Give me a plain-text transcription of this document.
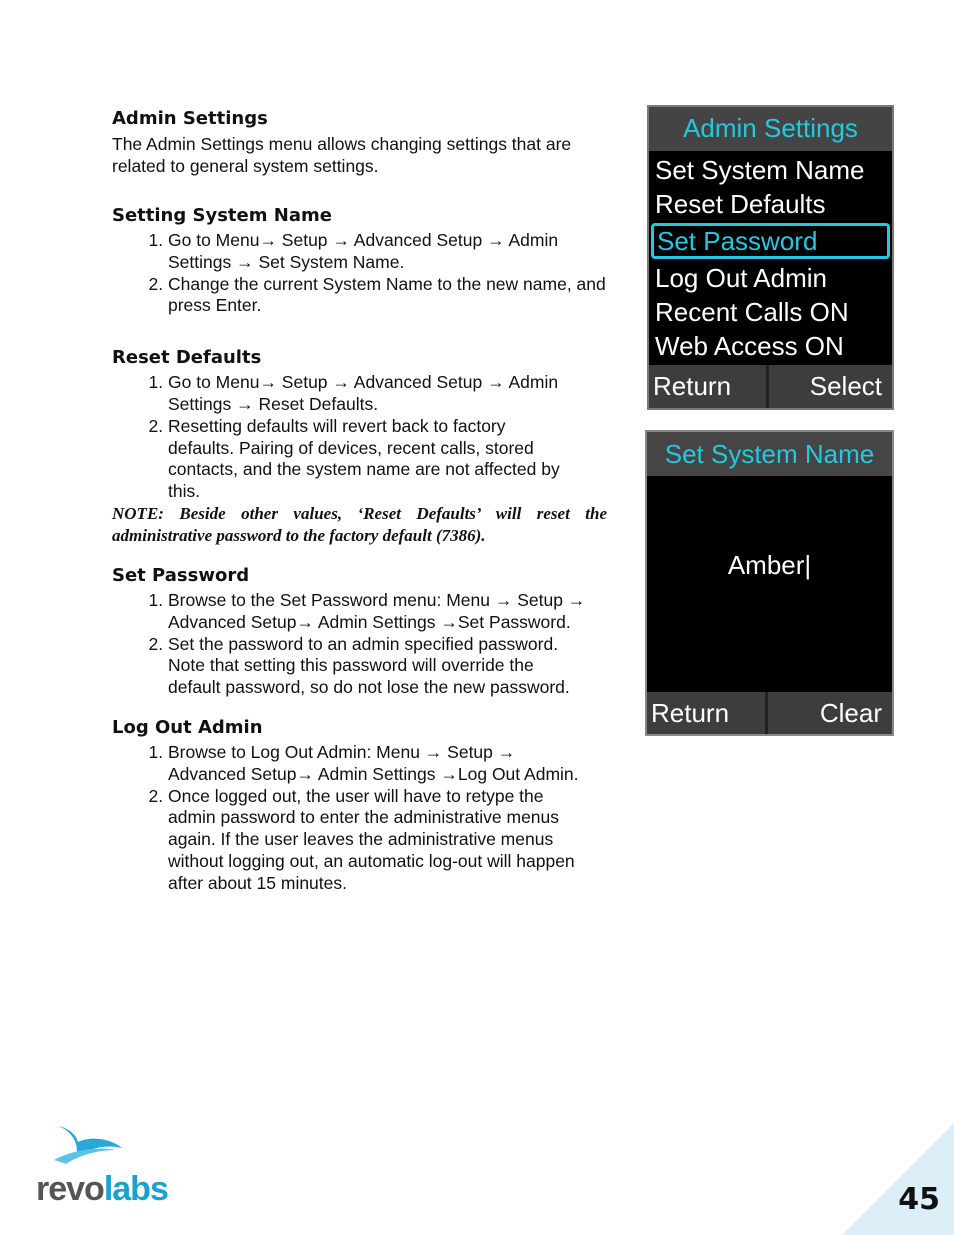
Admin Settings

The Admin Settings menu allows changing settings that are related to general system settings.

Setting System Name
1. Go to Menu→ Setup → Advanced Setup → Admin Settings → Set System Name.
2. Change the current System Name to the new name, and press Enter.
Reset Defaults
1. Go to Menu→ Setup → Advanced Setup → Admin Settings → Reset Defaults.
2. Resetting defaults will revert back to factory defaults. Pairing of devices, recent calls, stored contacts, and the system name are not affected by this.

NOTE: Beside other values, ‘Reset Defaults’ will reset the administrative password to the factory default (7386).

Set Password
1. Browse to the Set Password menu: Menu → Setup → Advanced Setup→ Admin Settings →Set Password.
2. Set the password to an admin specified password. Note that setting this password will override the default password, so do not lose the new password.
Log Out Admin
1. Browse to Log Out Admin: Menu → Setup → Advanced Setup→ Admin Settings →Log Out Admin.
2. Once logged out, the user will have to retype the admin password to enter the administrative menus again. If the user leaves the administrative menus without logging out, an automatic log-out will happen after about 15 minutes.
Admin Settings
Set System Name
Reset Defaults
Set Password
Log Out Admin
Recent Calls ON
Web Access ON
Return	Select
Set System Name
Amber|
Return	Clear
revolabs	45
